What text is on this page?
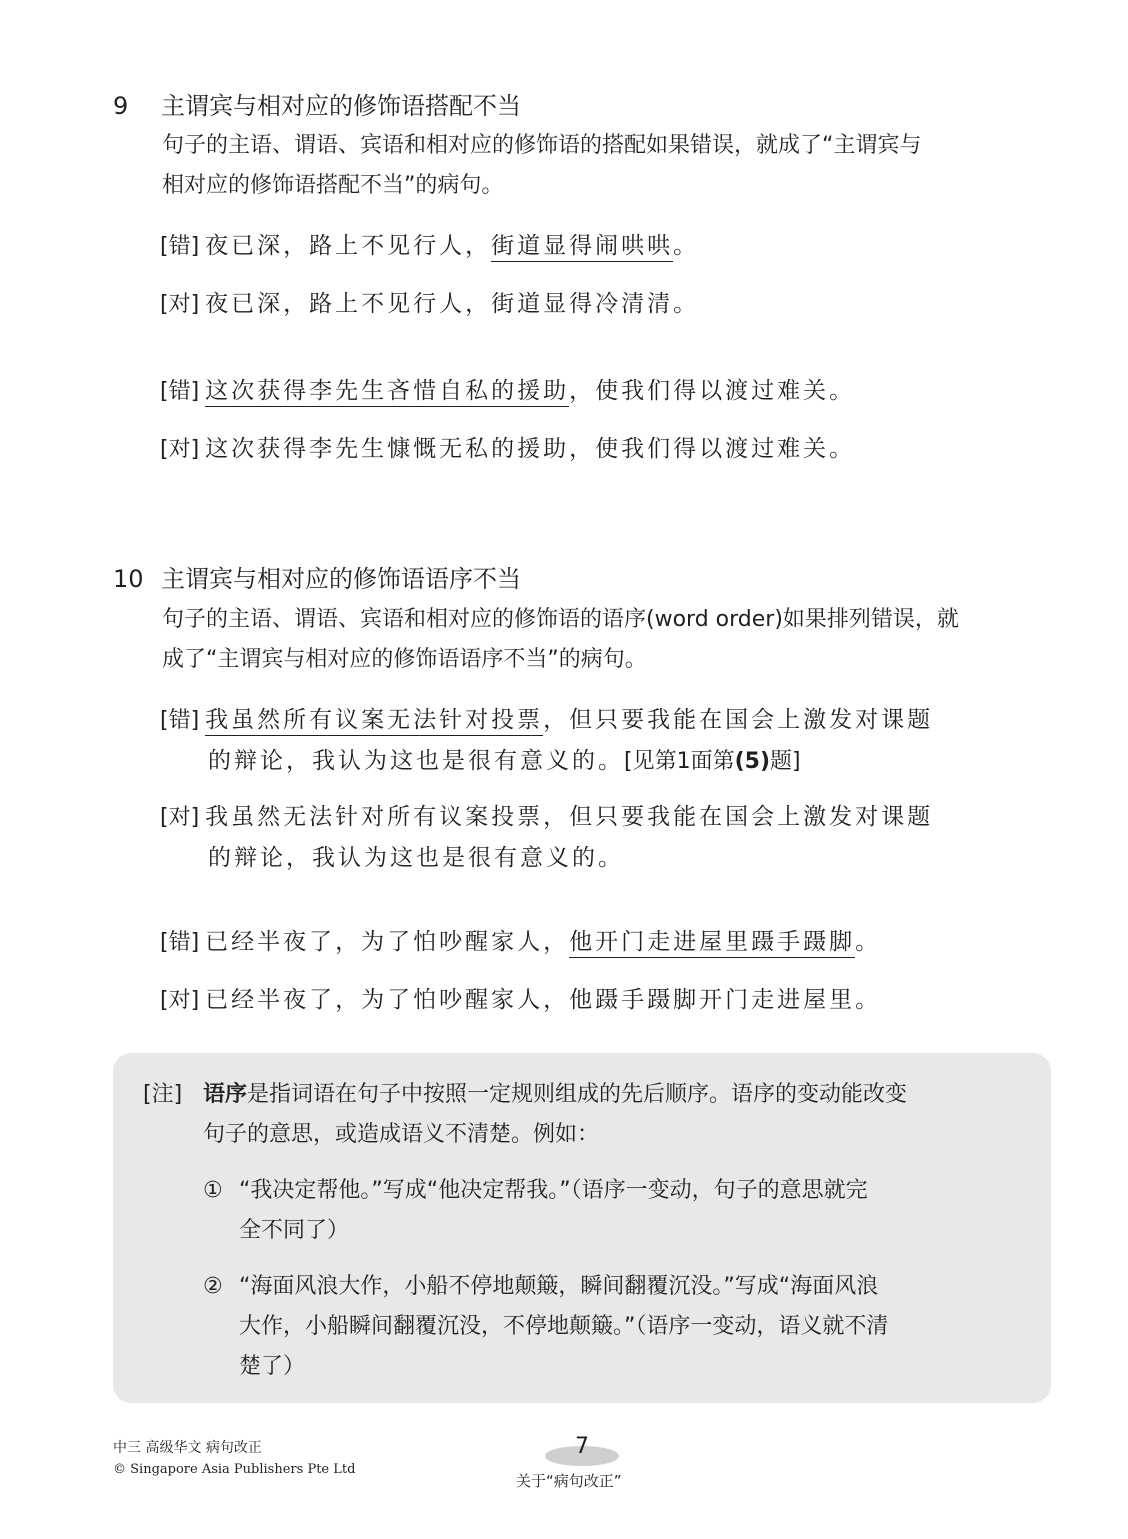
9 主谓宾与相对应的修饰语搭配不当
句子的主语、谓语、宾语和相对应的修饰语的搭配如果错误，就成了“主谓宾与
相对应的修饰语搭配不当”的病句。
[错] 夜已深，路上不见行人，街道显得闹哄哄。
[对] 夜已深，路上不见行人，街道显得冷清清。
[错] 这次获得李先生吝惜自私的援助，使我们得以渡过难关。
[对] 这次获得李先生慷慨无私的援助，使我们得以渡过难关。
10 主谓宾与相对应的修饰语语序不当
句子的主语、谓语、宾语和相对应的修饰语的语序(word order)如果排列错误，就
成了“主谓宾与相对应的修饰语语序不当”的病句。
[错] 我虽然所有议案无法针对投票，但只要我能在国会上激发对课题
的辩论，我认为这也是很有意义的。[见第1面第(5)题]
[对] 我虽然无法针对所有议案投票，但只要我能在国会上激发对课题
的辩论，我认为这也是很有意义的。
[错] 已经半夜了，为了怕吵醒家人，他开门走进屋里蹑手蹑脚。
[对] 已经半夜了，为了怕吵醒家人，他蹑手蹑脚开门走进屋里。
[注] 语序是指词语在句子中按照一定规则组成的先后顺序。语序的变动能改变
句子的意思，或造成语义不清楚。例如：
① “我决定帮他。”写成“他决定帮我。”（语序一变动，句子的意思就完
全不同了）
② “海面风浪大作，小船不停地颠簸，瞬间翻覆沉没。”写成“海面风浪
大作，小船瞬间翻覆沉没，不停地颠簸。”（语序一变动，语义就不清
楚了）
中三 高级华文 病句改正
© Singapore Asia Publishers Pte Ltd
7
关于“病句改正”
